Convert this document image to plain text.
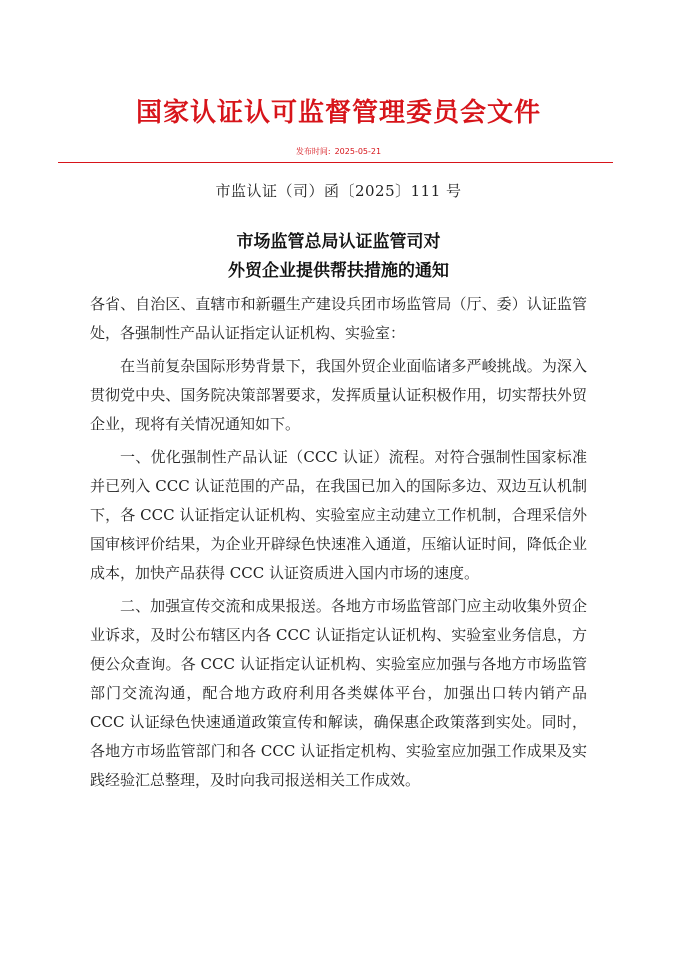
国家认证认可监督管理委员会文件
发布时间: 2025-05-21
市监认证（司）函〔2025〕111 号
市场监管总局认证监管司对
外贸企业提供帮扶措施的通知

各省、自治区、直辖市和新疆生产建设兵团市场监管局（厅、委）认证监管处，各强制性产品认证指定认证机构、实验室：

在当前复杂国际形势背景下，我国外贸企业面临诸多严峻挑战。为深入贯彻党中央、国务院决策部署要求，发挥质量认证积极作用，切实帮扶外贸企业，现将有关情况通知如下。

一、优化强制性产品认证（CCC 认证）流程。对符合强制性国家标准并已列入 CCC 认证范围的产品，在我国已加入的国际多边、双边互认机制下，各 CCC 认证指定认证机构、实验室应主动建立工作机制，合理采信外国审核评价结果，为企业开辟绿色快速准入通道，压缩认证时间，降低企业成本，加快产品获得 CCC 认证资质进入国内市场的速度。

二、加强宣传交流和成果报送。各地方市场监管部门应主动收集外贸企业诉求，及时公布辖区内各 CCC 认证指定认证机构、实验室业务信息，方便公众查询。各 CCC 认证指定认证机构、实验室应加强与各地方市场监管部门交流沟通，配合地方政府利用各类媒体平台，加强出口转内销产品 CCC 认证绿色快速通道政策宣传和解读，确保惠企政策落到实处。同时，各地方市场监管部门和各 CCC 认证指定机构、实验室应加强工作成果及实践经验汇总整理，及时向我司报送相关工作成效。
